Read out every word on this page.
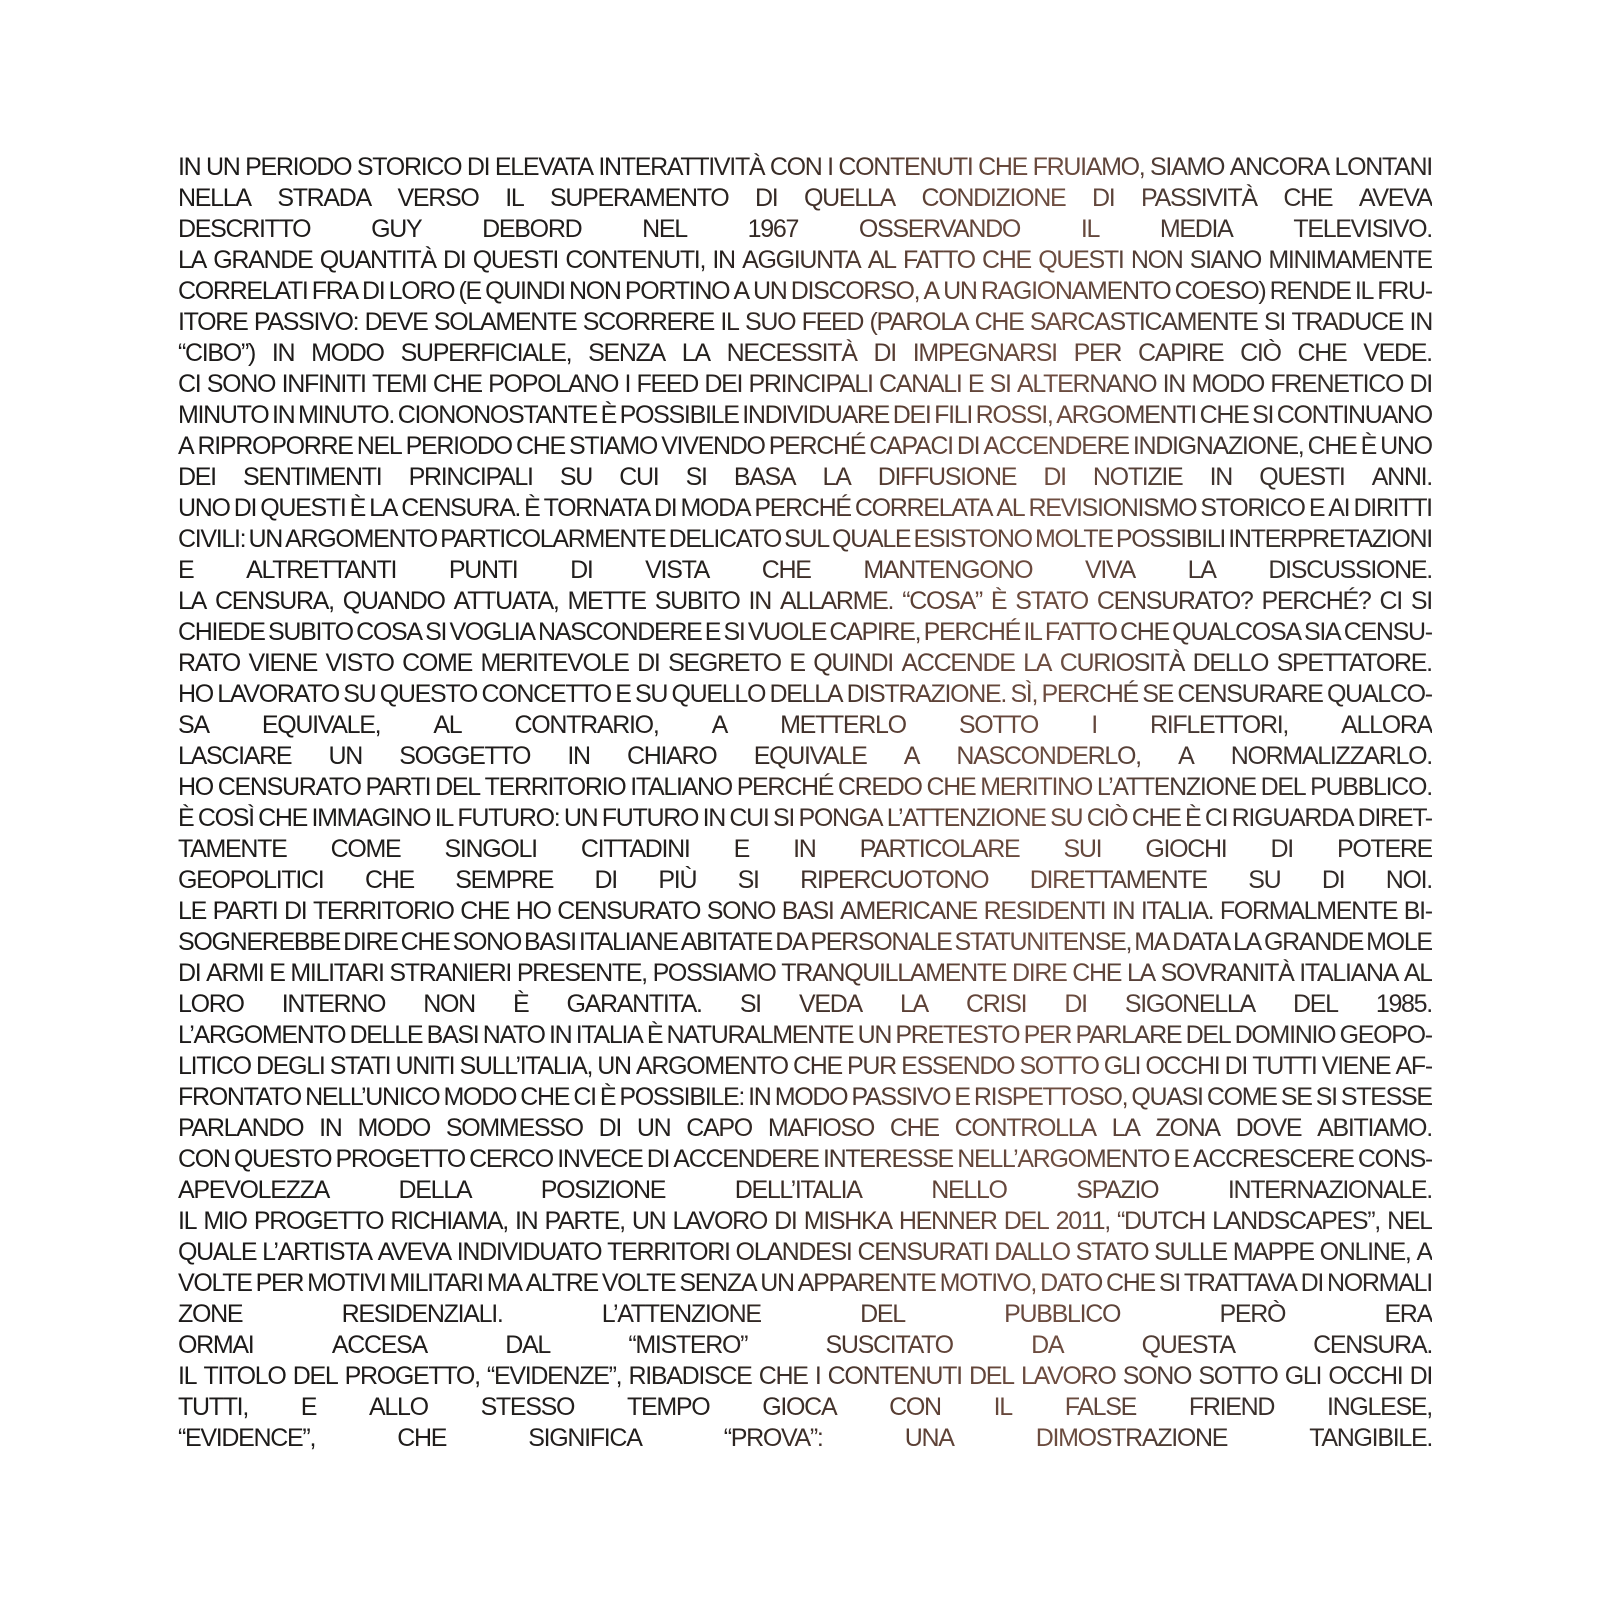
IN UN PERIODO STORICO DI ELEVATA INTERATTIVITÀ CON I CONTENUTI CHE FRUIAMO, SIAMO ANCORA LONTANI
NELLA STRADA VERSO IL SUPERAMENTO DI QUELLA CONDIZIONE DI PASSIVITÀ CHE AVEVA
DESCRITTO GUY DEBORD NEL 1967 OSSERVANDO IL MEDIA TELEVISIVO.
LA GRANDE QUANTITÀ DI QUESTI CONTENUTI, IN AGGIUNTA AL FATTO CHE QUESTI NON SIANO MINIMAMENTE
CORRELATI FRA DI LORO (E QUINDI NON PORTINO A UN DISCORSO, A UN RAGIONAMENTO COESO) RENDE IL FRU-
ITORE PASSIVO: DEVE SOLAMENTE SCORRERE IL SUO FEED (PAROLA CHE SARCASTICAMENTE SI TRADUCE IN
“CIBO”) IN MODO SUPERFICIALE, SENZA LA NECESSITÀ DI IMPEGNARSI PER CAPIRE CIÒ CHE VEDE.
CI SONO INFINITI TEMI CHE POPOLANO I FEED DEI PRINCIPALI CANALI E SI ALTERNANO IN MODO FRENETICO DI
MINUTO IN MINUTO. CIONONOSTANTE È POSSIBILE INDIVIDUARE DEI FILI ROSSI, ARGOMENTI CHE SI CONTINUANO
A RIPROPORRE NEL PERIODO CHE STIAMO VIVENDO PERCHÉ CAPACI DI ACCENDERE INDIGNAZIONE, CHE È UNO
DEI SENTIMENTI PRINCIPALI SU CUI SI BASA LA DIFFUSIONE DI NOTIZIE IN QUESTI ANNI.
UNO DI QUESTI È LA CENSURA. È TORNATA DI MODA PERCHÉ CORRELATA AL REVISIONISMO STORICO E AI DIRITTI
CIVILI: UN ARGOMENTO PARTICOLARMENTE DELICATO SUL QUALE ESISTONO MOLTE POSSIBILI INTERPRETAZIONI
E ALTRETTANTI PUNTI DI VISTA CHE MANTENGONO VIVA LA DISCUSSIONE.
LA CENSURA, QUANDO ATTUATA, METTE SUBITO IN ALLARME. “COSA” È STATO CENSURATO? PERCHÉ? CI SI
CHIEDE SUBITO COSA SI VOGLIA NASCONDERE E SI VUOLE CAPIRE, PERCHÉ IL FATTO CHE QUALCOSA SIA CENSU-
RATO VIENE VISTO COME MERITEVOLE DI SEGRETO E QUINDI ACCENDE LA CURIOSITÀ DELLO SPETTATORE.
HO LAVORATO SU QUESTO CONCETTO E SU QUELLO DELLA DISTRAZIONE. SÌ, PERCHÉ SE CENSURARE QUALCO-
SA EQUIVALE, AL CONTRARIO, A METTERLO SOTTO I RIFLETTORI, ALLORA
LASCIARE UN SOGGETTO IN CHIARO EQUIVALE A NASCONDERLO, A NORMALIZZARLO.
HO CENSURATO PARTI DEL TERRITORIO ITALIANO PERCHÉ CREDO CHE MERITINO L’ATTENZIONE DEL PUBBLICO.
È COSÌ CHE IMMAGINO IL FUTURO: UN FUTURO IN CUI SI PONGA L’ATTENZIONE SU CIÒ CHE È CI RIGUARDA DIRET-
TAMENTE COME SINGOLI CITTADINI E IN PARTICOLARE SUI GIOCHI DI POTERE
GEOPOLITICI CHE SEMPRE DI PIÙ SI RIPERCUOTONO DIRETTAMENTE SU DI NOI.
LE PARTI DI TERRITORIO CHE HO CENSURATO SONO BASI AMERICANE RESIDENTI IN ITALIA. FORMALMENTE BI-
SOGNEREBBE DIRE CHE SONO BASI ITALIANE ABITATE DA PERSONALE STATUNITENSE, MA DATA LA GRANDE MOLE
DI ARMI E MILITARI STRANIERI PRESENTE, POSSIAMO TRANQUILLAMENTE DIRE CHE LA SOVRANITÀ ITALIANA AL
LORO INTERNO NON È GARANTITA. SI VEDA LA CRISI DI SIGONELLA DEL 1985.
L’ARGOMENTO DELLE BASI NATO IN ITALIA È NATURALMENTE UN PRETESTO PER PARLARE DEL DOMINIO GEOPO-
LITICO DEGLI STATI UNITI SULL’ITALIA, UN ARGOMENTO CHE PUR ESSENDO SOTTO GLI OCCHI DI TUTTI VIENE AF-
FRONTATO NELL’UNICO MODO CHE CI È POSSIBILE: IN MODO PASSIVO E RISPETTOSO, QUASI COME SE SI STESSE
PARLANDO IN MODO SOMMESSO DI UN CAPO MAFIOSO CHE CONTROLLA LA ZONA DOVE ABITIAMO.
CON QUESTO PROGETTO CERCO INVECE DI ACCENDERE INTERESSE NELL’ARGOMENTO E ACCRESCERE CONS-
APEVOLEZZA	DELLA	POSIZIONE	DELL’ITALIA	NELLO	SPAZIO	INTERNAZIONALE.
IL MIO PROGETTO RICHIAMA, IN PARTE, UN LAVORO DI MISHKA HENNER DEL 2011, “DUTCH LANDSCAPES”, NEL
QUALE L’ARTISTA AVEVA INDIVIDUATO TERRITORI OLANDESI CENSURATI DALLO STATO SULLE MAPPE ONLINE, A
VOLTE PER MOTIVI MILITARI MA ALTRE VOLTE SENZA UN APPARENTE MOTIVO, DATO CHE SI TRATTAVA DI NORMALI
ZONE	RESIDENZIALI.	L’ATTENZIONE	DEL	PUBBLICO	PERÒ	ERA
ORMAI	ACCESA	DAL	“MISTERO”	SUSCITATO	DA	QUESTA	CENSURA.
IL TITOLO DEL PROGETTO, “EVIDENZE”, RIBADISCE CHE I CONTENUTI DEL LAVORO SONO SOTTO GLI OCCHI DI
TUTTI, E ALLO STESSO TEMPO GIOCA CON IL FALSE FRIEND INGLESE,
“EVIDENCE”,	CHE	SIGNIFICA	“PROVA”:	UNA	DIMOSTRAZIONE	TANGIBILE.
